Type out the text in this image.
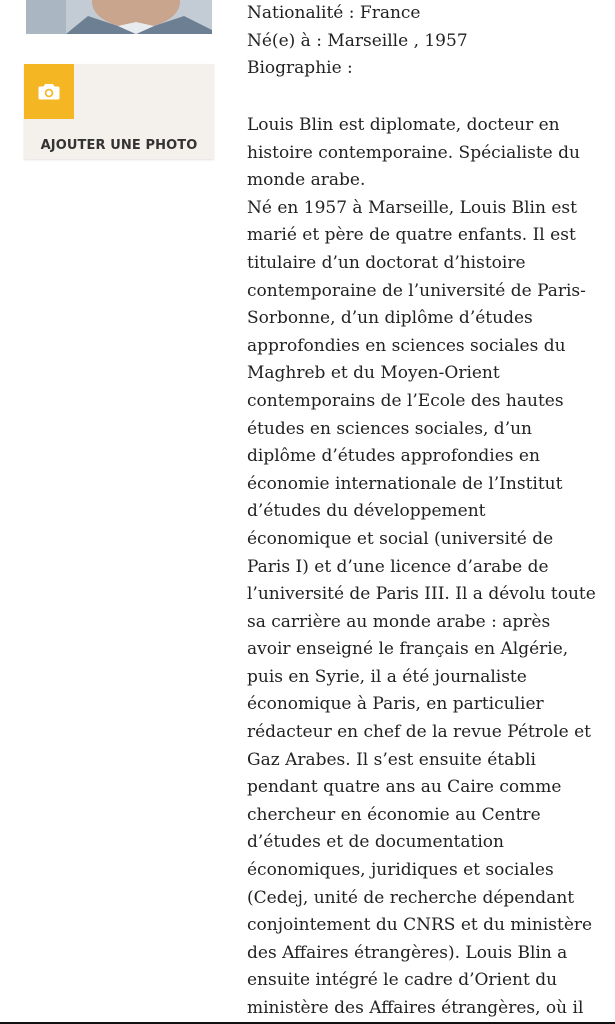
AJOUTER UNE PHOTO
Nationalité : France
Né(e) à : Marseille , 1957
Biographie :

Louis Blin est diplomate, docteur en
histoire contemporaine. Spécialiste du
monde arabe.

Né en 1957 à Marseille, Louis Blin est
marié et père de quatre enfants. Il est
titulaire d’un doctorat d’histoire
contemporaine de l’université de Paris-
Sorbonne, d’un diplôme d’études
approfondies en sciences sociales du
Maghreb et du Moyen-Orient
contemporains de l’Ecole des hautes
études en sciences sociales, d’un
diplôme d’études approfondies en
économie internationale de l’Institut
d’études du développement
économique et social (université de
Paris I) et d’une licence d’arabe de
l’université de Paris III. Il a dévolu toute
sa carrière au monde arabe : après
avoir enseigné le français en Algérie,
puis en Syrie, il a été journaliste
économique à Paris, en particulier
rédacteur en chef de la revue Pétrole et
Gaz Arabes. Il s’est ensuite établi
pendant quatre ans au Caire comme
chercheur en économie au Centre
d’études et de documentation
économiques, juridiques et sociales
(Cedej, unité de recherche dépendant
conjointement du CNRS et du ministère
des Affaires étrangères). Louis Blin a
ensuite intégré le cadre d’Orient du
ministère des Affaires étrangères, où il
